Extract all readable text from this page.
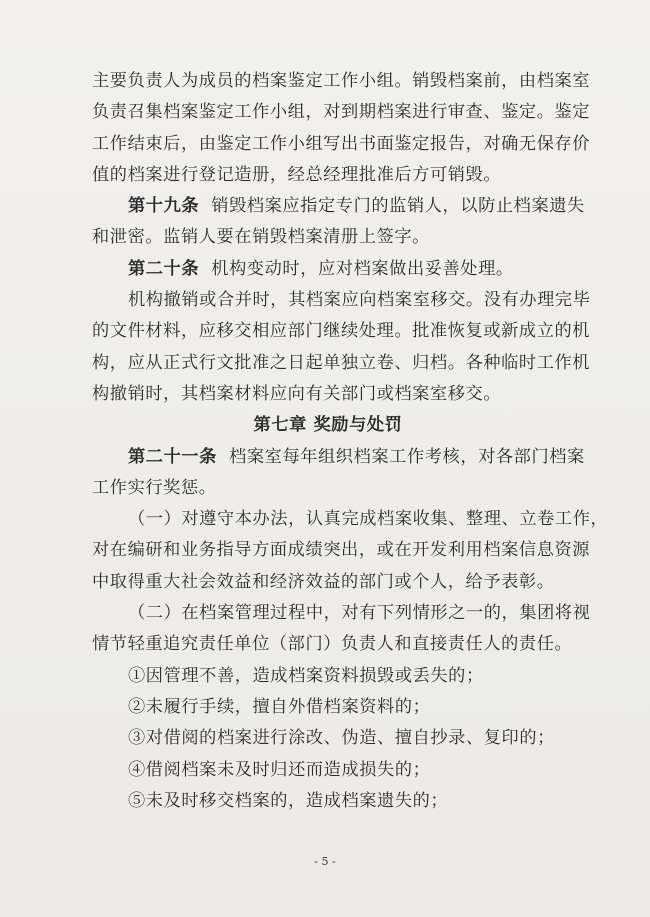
主要负责人为成员的档案鉴定工作小组。销毁档案前，由档案室
负责召集档案鉴定工作小组，对到期档案进行审查、鉴定。鉴定
工作结束后，由鉴定工作小组写出书面鉴定报告，对确无保存价
值的档案进行登记造册，经总经理批准后方可销毁。
第十九条  销毁档案应指定专门的监销人，以防止档案遗失
和泄密。监销人要在销毁档案清册上签字。
第二十条  机构变动时，应对档案做出妥善处理。
机构撤销或合并时，其档案应向档案室移交。没有办理完毕
的文件材料，应移交相应部门继续处理。批准恢复或新成立的机
构，应从正式行文批准之日起单独立卷、归档。各种临时工作机
构撤销时，其档案材料应向有关部门或档案室移交。
第七章 奖励与处罚
第二十一条  档案室每年组织档案工作考核，对各部门档案
工作实行奖惩。
（一）对遵守本办法，认真完成档案收集、整理、立卷工作，
对在编研和业务指导方面成绩突出，或在开发利用档案信息资源
中取得重大社会效益和经济效益的部门或个人，给予表彰。
（二）在档案管理过程中，对有下列情形之一的，集团将视
情节轻重追究责任单位（部门）负责人和直接责任人的责任。
①因管理不善，造成档案资料损毁或丢失的；
②未履行手续，擅自外借档案资料的；
③对借阅的档案进行涂改、伪造、擅自抄录、复印的；
④借阅档案未及时归还而造成损失的；
⑤未及时移交档案的，造成档案遗失的；
- 5 -
